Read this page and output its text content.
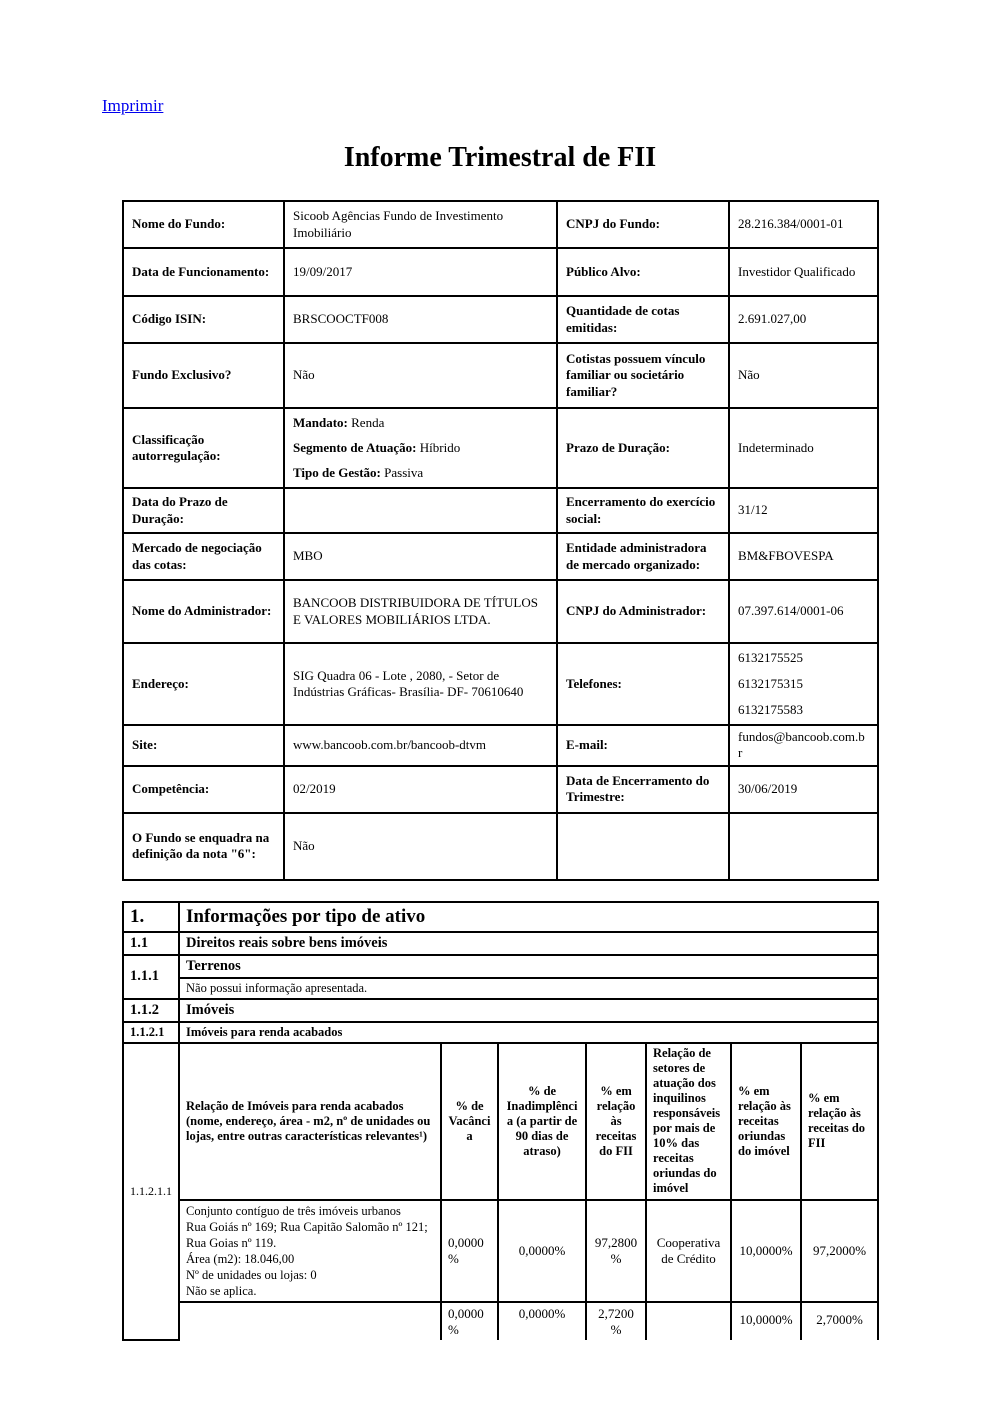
Imprimir
Informe Trimestral de FII
Nome do Fundo:	Sicoob Agências Fundo de Investimento Imobiliário	CNPJ do Fundo:	28.216.384/0001-01
Data de Funcionamento:	19/09/2017	Público Alvo:	Investidor Qualificado
Código ISIN:	BRSCOOCTF008	Quantidade de cotas emitidas:	2.691.027,00
Fundo Exclusivo?	Não	Cotistas possuem vínculo familiar ou societário familiar?	Não
Classificação autorregulação:	Mandato: Renda
Segmento de Atuação: Híbrido
Tipo de Gestão: Passiva	Prazo de Duração:	Indeterminado
Data do Prazo de Duração:		Encerramento do exercício social:	31/12
Mercado de negociação das cotas:	MBO	Entidade administradora de mercado organizado:	BM&FBOVESPA
Nome do Administrador:	BANCOOB DISTRIBUIDORA DE TÍTULOS E VALORES MOBILIÁRIOS LTDA.	CNPJ do Administrador:	07.397.614/0001-06
Endereço:	SIG Quadra 06 - Lote , 2080, - Setor de Indústrias Gráficas- Brasília- DF- 70610640	Telefones:	6132175525
6132175315
6132175583

Site:	www.bancoob.com.br/bancoob-dtvm	E-mail:	fundos@bancoob.com.br
Competência:	02/2019	Data de Encerramento do Trimestre:	30/06/2019
O Fundo se enquadra na definição da nota "6":	Não		
1.	Informações por tipo de ativo						
1.1	Direitos reais sobre bens imóveis						
1.1.1	Terrenos						
	Não possui informação apresentada.						
1.1.2	Imóveis						
1.1.2.1	Imóveis para renda acabados						
1.1.2.1.1	Relação de Imóveis para renda acabados (nome, endereço, área - m2, nº de unidades ou lojas, entre outras características relevantes¹)	% de Vacância	% de Inadimplência (a partir de 90 dias de atraso)	% em relação às receitas do FII	Relação de setores de atuação dos inquilinos responsáveis por mais de 10% das receitas oriundas do imóvel	% em relação às receitas oriundas do imóvel	% em relação às receitas do FII

	Conjunto contíguo de três imóveis urbanos
Rua Goiás nº 169; Rua Capitão Salomão nº 121; Rua Goias nº 119.
Área (m2): 18.046,00
Nº de unidades ou lojas: 0
Não se aplica.	0,0000%	0,0000%	97,2800%	Cooperativa de Crédito	10,0000%	97,2000%
		0,0000%	0,0000%	2,7200%		10,0000%	2,7000%
